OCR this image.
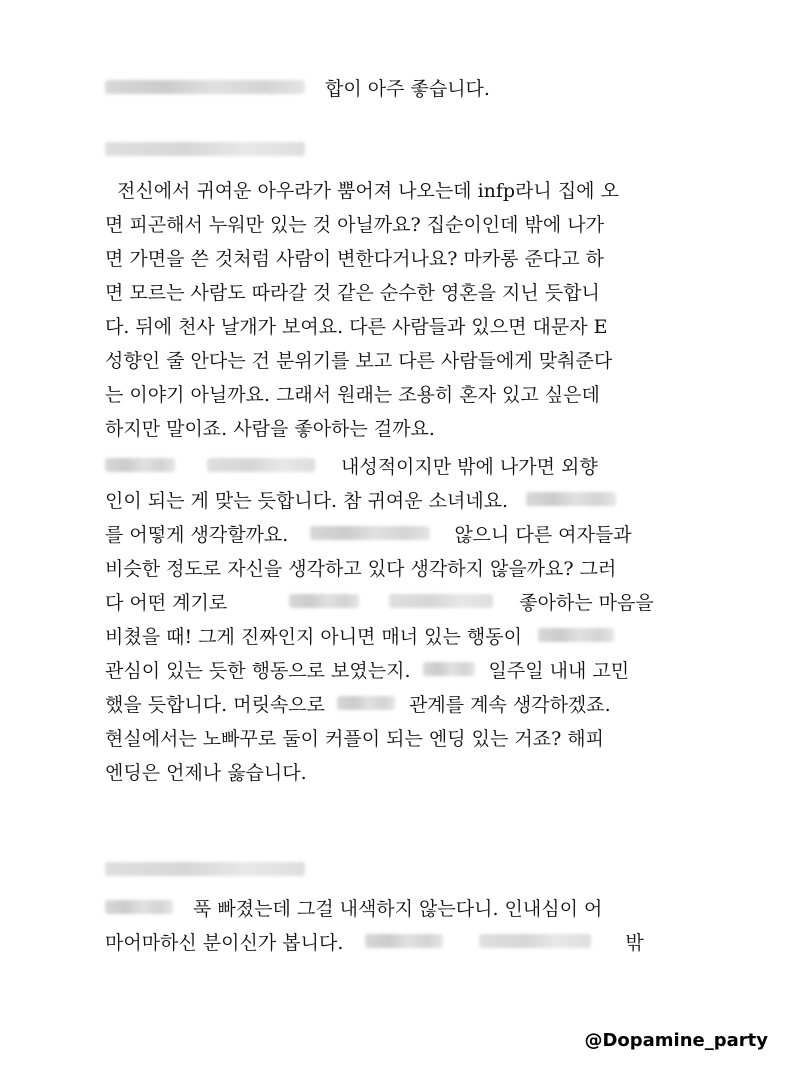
합이 아주 좋습니다.
전신에서 귀여운 아우라가 뿜어져 나오는데 infp라니 집에 오
면 피곤해서 누워만 있는 것 아닐까요? 집순이인데 밖에 나가
면 가면을 쓴 것처럼 사람이 변한다거나요? 마카롱 준다고 하
면 모르는 사람도 따라갈 것 같은 순수한 영혼을 지닌 듯합니
다. 뒤에 천사 날개가 보여요. 다른 사람들과 있으면 대문자 E
성향인 줄 안다는 건 분위기를 보고 다른 사람들에게 맞춰준다
는 이야기 아닐까요. 그래서 원래는 조용히 혼자 있고 싶은데
하지만 말이죠. 사람을 좋아하는 걸까요.
내성적이지만 밖에 나가면 외향
인이 되는 게 맞는 듯합니다. 참 귀여운 소녀네요.
를 어떻게 생각할까요.	않으니 다른 여자들과
비슷한 정도로 자신을 생각하고 있다 생각하지 않을까요? 그러
다 어떤 계기로	좋아하는 마음을
비쳤을 때! 그게 진짜인지 아니면 매너 있는 행동이
관심이 있는 듯한 행동으로 보였는지.	일주일 내내 고민
했을 듯합니다. 머릿속으로	관계를 계속 생각하겠죠.
현실에서는 노빠꾸로 둘이 커플이 되는 엔딩 있는 거죠? 해피
엔딩은 언제나 옳습니다.
푹 빠졌는데 그걸 내색하지 않는다니. 인내심이 어
마어마하신 분이신가 봅니다.	밖
@Dopamine_party
